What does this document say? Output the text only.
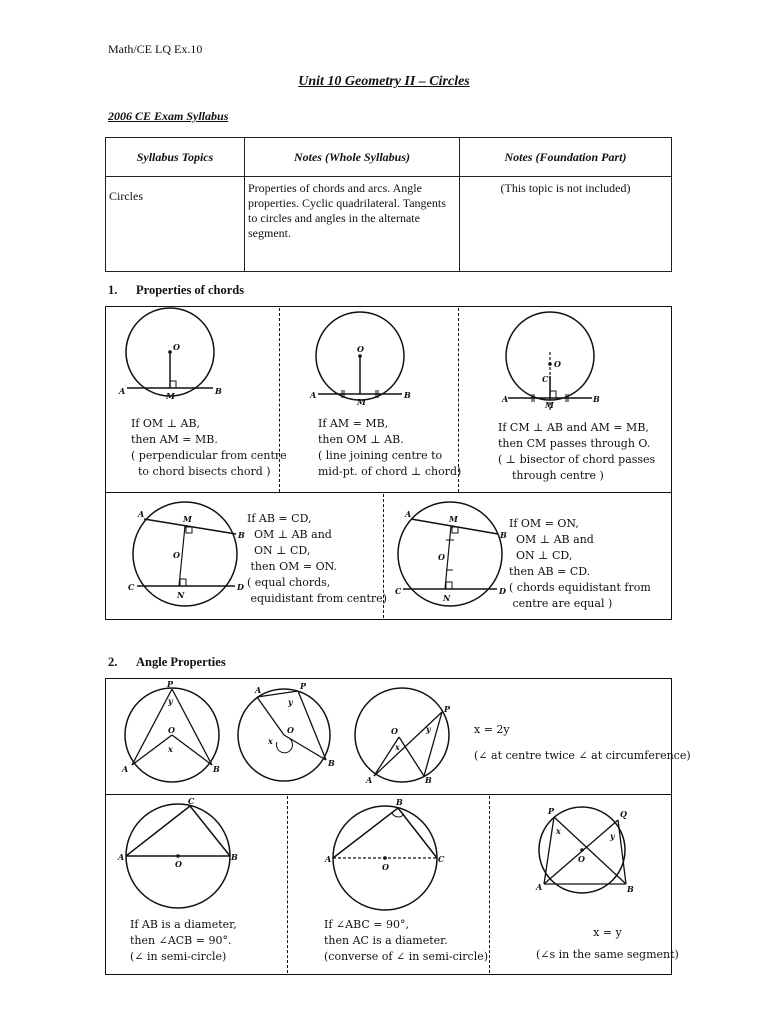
Math/CE LQ Ex.10
Unit 10 Geometry II – Circles
2006 CE Exam Syllabus
Syllabus Topics	Notes (Whole Syllabus)	Notes (Foundation Part)
Circles	Properties of chords and arcs. Angle properties. Cyclic quadrilateral. Tangents to circles and angles in the alternate segment.	(This topic is not included)
1. Properties of chords
O
A	M	B
If OM ⊥ AB,
then AM = MB.
( perpendicular from centre
to chord bisects chord )
O
A
M
B
If AM = MB,
then OM ⊥ AB.
( line joining centre to
mid-pt. of chord ⊥ chord)
O
C
A
M
B
If CM ⊥ AB and AM = MB,
then CM passes through O.
( ⊥ bisector of chord passes
through centre )
A	M
B
O
C
N
D
If AB = CD,
OM ⊥ AB and
ON ⊥ CD,
then OM = ON.
( equal chords,
equidistant from centre)
A	M
B
O
C
N
D
If OM = ON,
OM ⊥ AB and
ON ⊥ CD,
then AB = CD.
( chords equidistant from
centre are equal )
2. Angle Properties
P
y
O
x
A	B
A	P
y
O
x
B
P
y
O
x
A	B
x = 2y
(∠ at centre twice ∠ at circumference)
C
A
O
B
If AB is a diameter,
then ∠ACB = 90°.
(∠ in semi-circle)
B
A
O
C
If ∠ABC = 90°,
then AC is a diameter.
(converse of ∠ in semi-circle)
P	Q
x	y
O
A	B
x = y
(∠s in the same segment)
